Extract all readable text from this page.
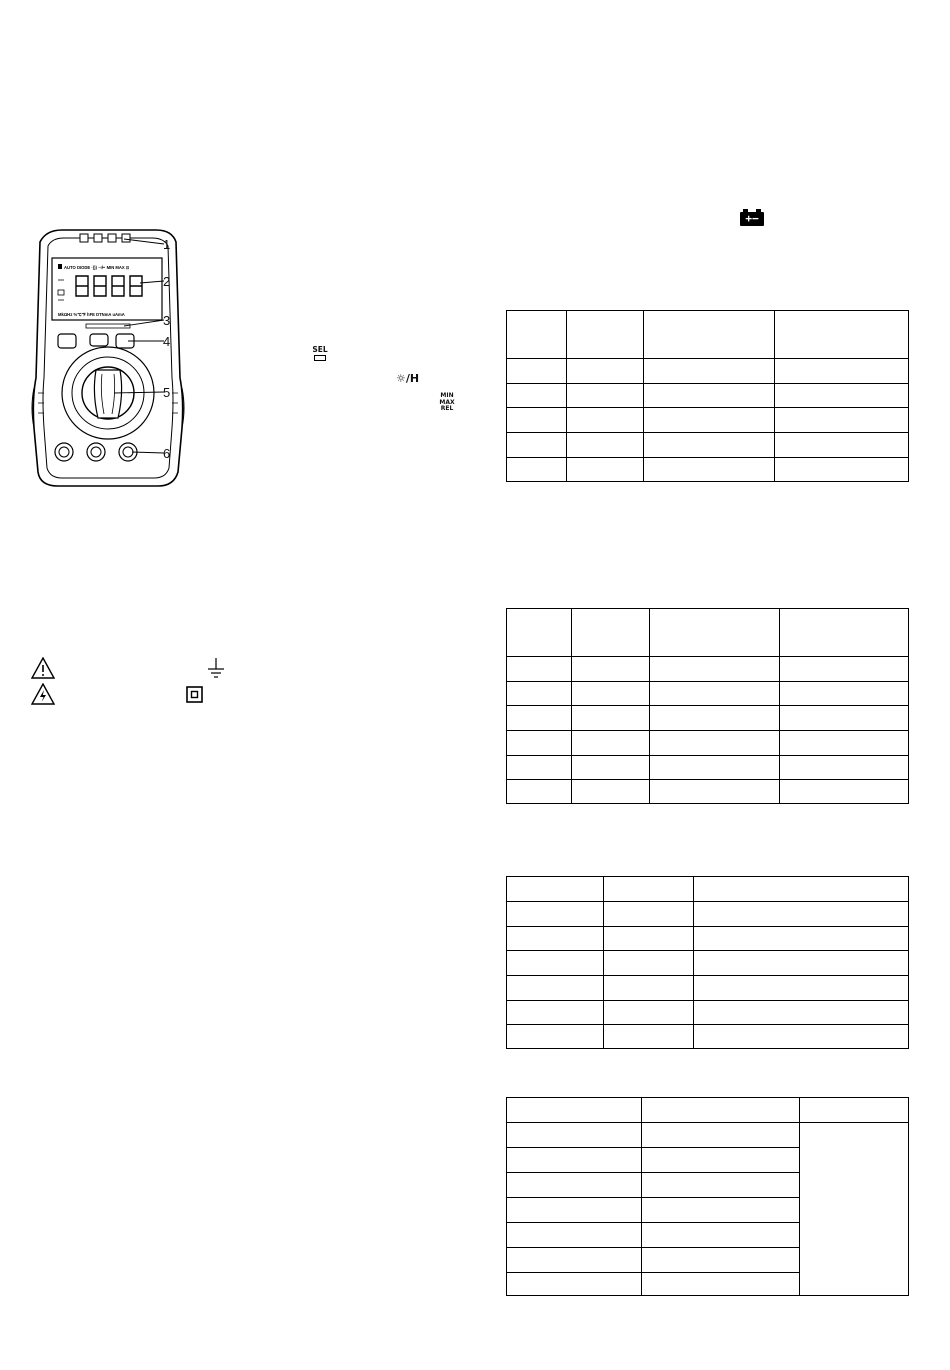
AUTO DIODE ·))) ⊣⊢ MIN MAX ⊡
MkΩHz %℃℉ hFE DTNmA uAmA
1
2
3
4
5
6
SEL
☼/H
MIN
MAX
REL
+−
